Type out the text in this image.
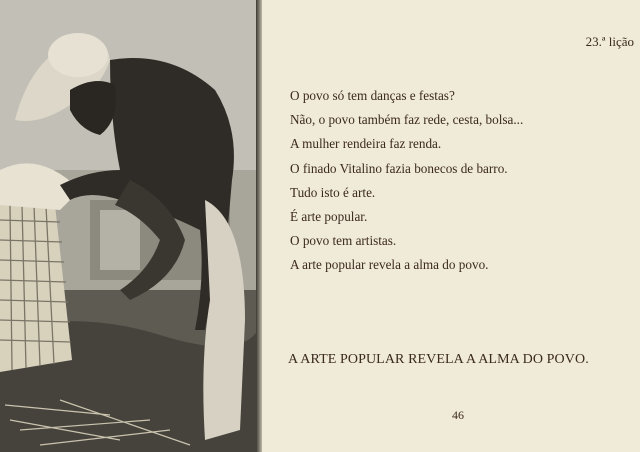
23.ª lição
O povo só tem danças e festas?
Não, o povo também faz rede, cesta, bolsa...
A mulher rendeira faz renda.
O finado Vitalino fazia bonecos de barro.
Tudo isto é arte.
É arte popular.
O povo tem artistas.
A arte popular revela a alma do povo.
A ARTE POPULAR REVELA A ALMA DO POVO.
46
